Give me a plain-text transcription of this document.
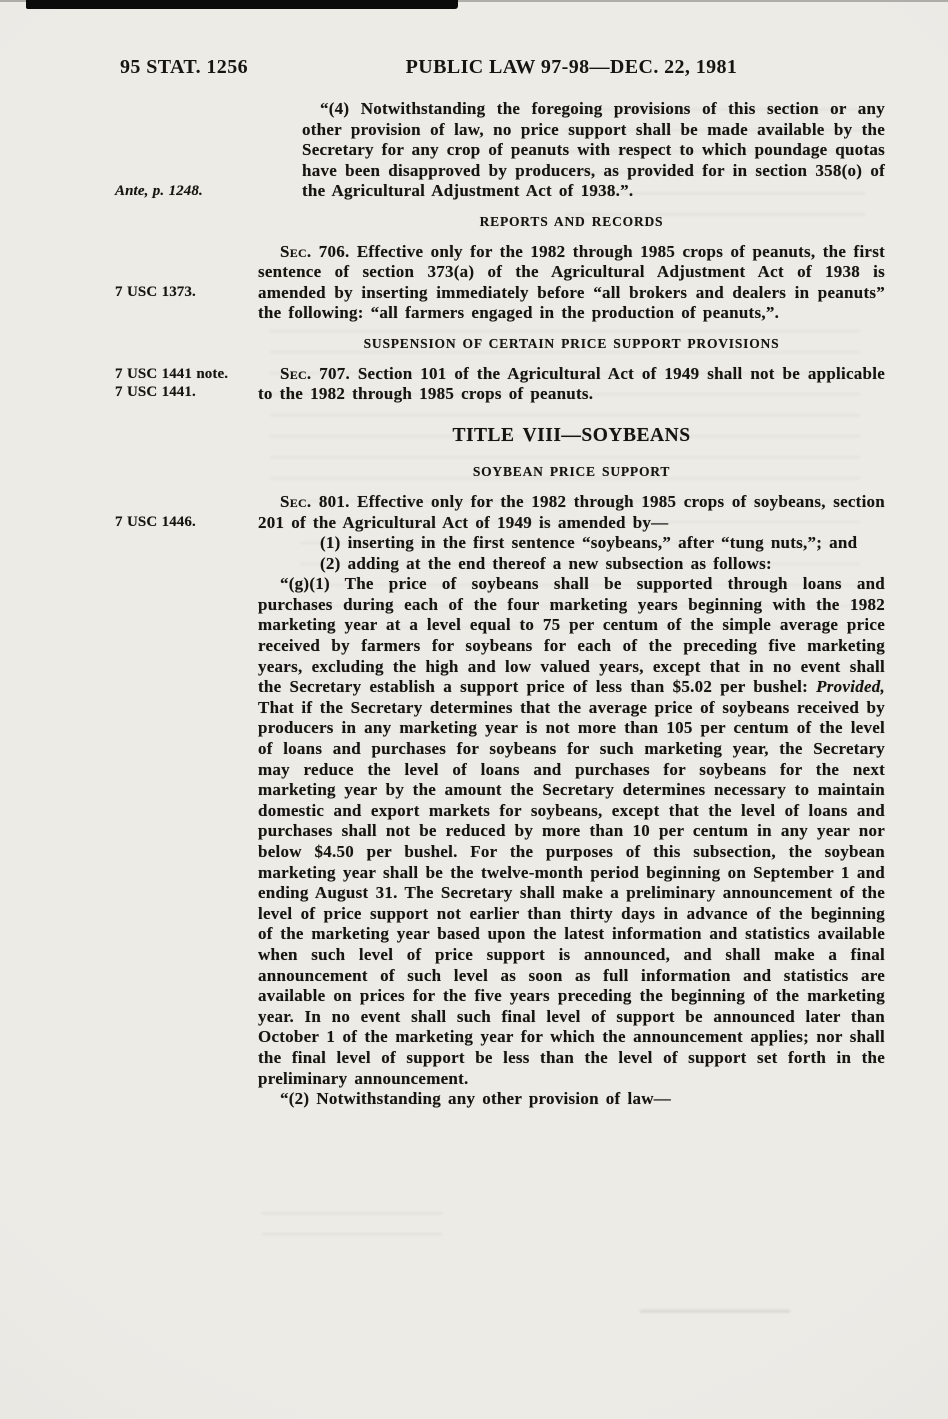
95 STAT. 1256	PUBLIC LAW 97-98—DEC. 22, 1981

Ante, p. 1248.
“(4) Notwithstanding the foregoing provisions of this section or any other provision of law, no price support shall be made available by the Secretary for any crop of peanuts with respect to which poundage quotas have been disapproved by producers, as provided for in section 358(o) of the Agricultural Adjustment Act of 1938.”.

REPORTS AND RECORDS

7 USC 1373.
Sec. 706. Effective only for the 1982 through 1985 crops of peanuts, the first sentence of section 373(a) of the Agricultural Adjustment Act of 1938 is amended by inserting immediately before “all brokers and dealers in peanuts” the following: “all farmers engaged in the production of peanuts,”.

SUSPENSION OF CERTAIN PRICE SUPPORT PROVISIONS

7 USC 1441 note.
7 USC 1441.
Sec. 707. Section 101 of the Agricultural Act of 1949 shall not be applicable to the 1982 through 1985 crops of peanuts.

TITLE VIII—SOYBEANS

SOYBEAN PRICE SUPPORT

7 USC 1446.
Sec. 801. Effective only for the 1982 through 1985 crops of soybeans, section 201 of the Agricultural Act of 1949 is amended by—

(1) inserting in the first sentence “soybeans,” after “tung nuts,”; and

(2) adding at the end thereof a new subsection as follows:

“(g)(1) The price of soybeans shall be supported through loans and purchases during each of the four marketing years beginning with the 1982 marketing year at a level equal to 75 per centum of the simple average price received by farmers for soybeans for each of the preceding five marketing years, excluding the high and low valued years, except that in no event shall the Secretary establish a support price of less than $5.02 per bushel: Provided, That if the Secretary determines that the average price of soybeans received by producers in any marketing year is not more than 105 per centum of the level of loans and purchases for soybeans for such marketing year, the Secretary may reduce the level of loans and purchases for soybeans for the next marketing year by the amount the Secretary determines necessary to maintain domestic and export markets for soybeans, except that the level of loans and purchases shall not be reduced by more than 10 per centum in any year nor below $4.50 per bushel. For the purposes of this subsection, the soybean marketing year shall be the twelve-month period beginning on September 1 and ending August 31. The Secretary shall make a preliminary announcement of the level of price support not earlier than thirty days in advance of the beginning of the marketing year based upon the latest information and statistics available when such level of price support is announced, and shall make a final announcement of such level as soon as full information and statistics are available on prices for the five years preceding the beginning of the marketing year. In no event shall such final level of support be announced later than October 1 of the marketing year for which the announcement applies; nor shall the final level of support be less than the level of support set forth in the preliminary announcement.

“(2) Notwithstanding any other provision of law—
